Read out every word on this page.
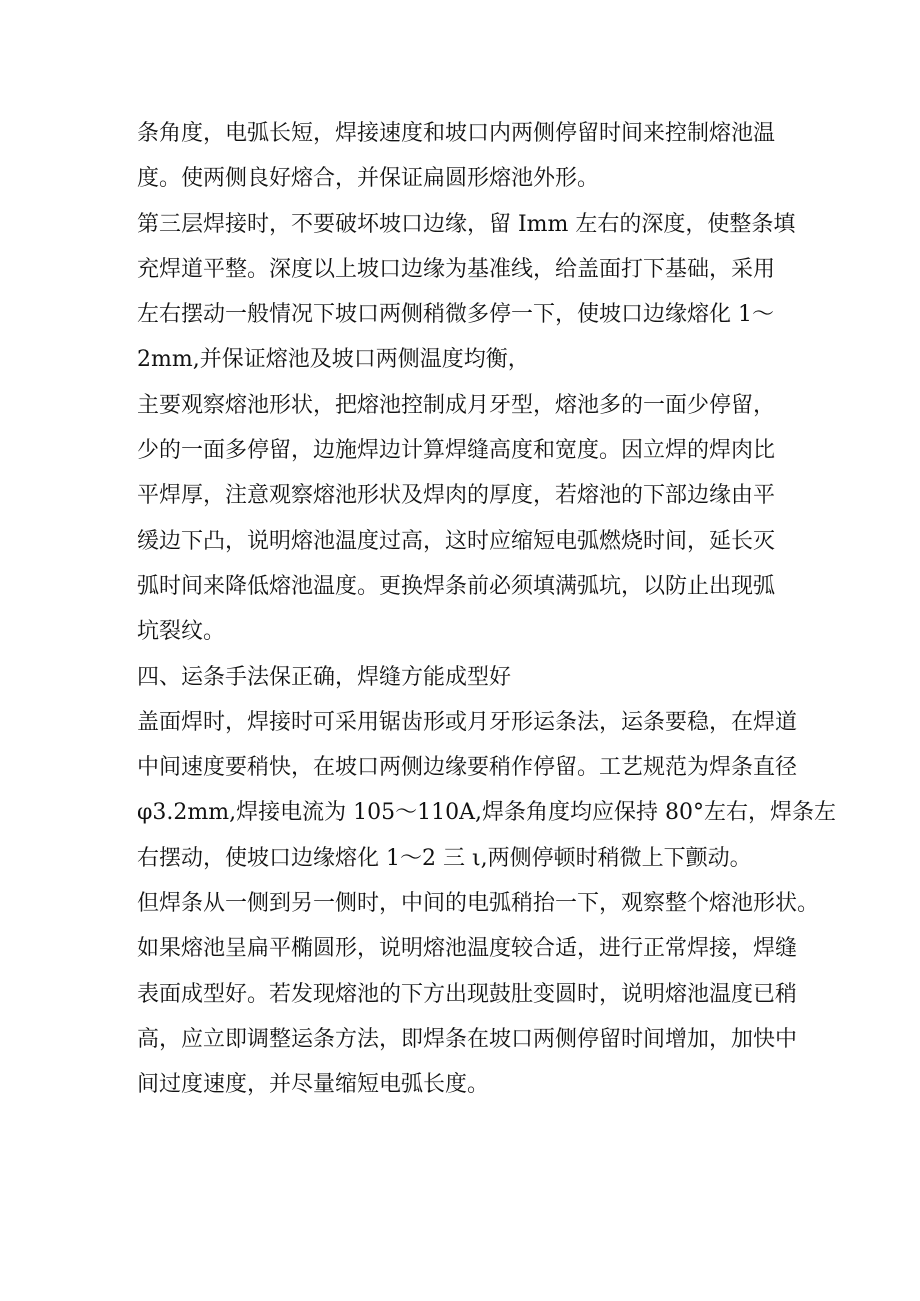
条角度，电弧长短，焊接速度和坡口内两侧停留时间来控制熔池温
度。使两侧良好熔合，并保证扁圆形熔池外形。

第三层焊接时，不要破坏坡口边缘，留 Imm 左右的深度，使整条填
充焊道平整。深度以上坡口边缘为基准线，给盖面打下基础，采用
左右摆动一般情况下坡口两侧稍微多停一下，使坡口边缘熔化 1～
2mm,并保证熔池及坡口两侧温度均衡，

主要观察熔池形状，把熔池控制成月牙型，熔池多的一面少停留，
少的一面多停留，边施焊边计算焊缝高度和宽度。因立焊的焊肉比
平焊厚，注意观察熔池形状及焊肉的厚度，若熔池的下部边缘由平
缓边下凸，说明熔池温度过高，这时应缩短电弧燃烧时间，延长灭
弧时间来降低熔池温度。更换焊条前必须填满弧坑，以防止出现弧
坑裂纹。

四、运条手法保正确，焊缝方能成型好

盖面焊时，焊接时可采用锯齿形或月牙形运条法，运条要稳，在焊道
中间速度要稍快，在坡口两侧边缘要稍作停留。工艺规范为焊条直径
φ3.2mm,焊接电流为 105～110A,焊条角度均应保持 80°左右，焊条左
右摆动，使坡口边缘熔化 1～2 三 ι,两侧停顿时稍微上下颤动。

但焊条从一侧到另一侧时，中间的电弧稍抬一下，观察整个熔池形状。
如果熔池呈扁平椭圆形，说明熔池温度较合适，进行正常焊接，焊缝
表面成型好。若发现熔池的下方出现鼓肚变圆时，说明熔池温度已稍
高，应立即调整运条方法，即焊条在坡口两侧停留时间增加，加快中
间过度速度，并尽量缩短电弧长度。
